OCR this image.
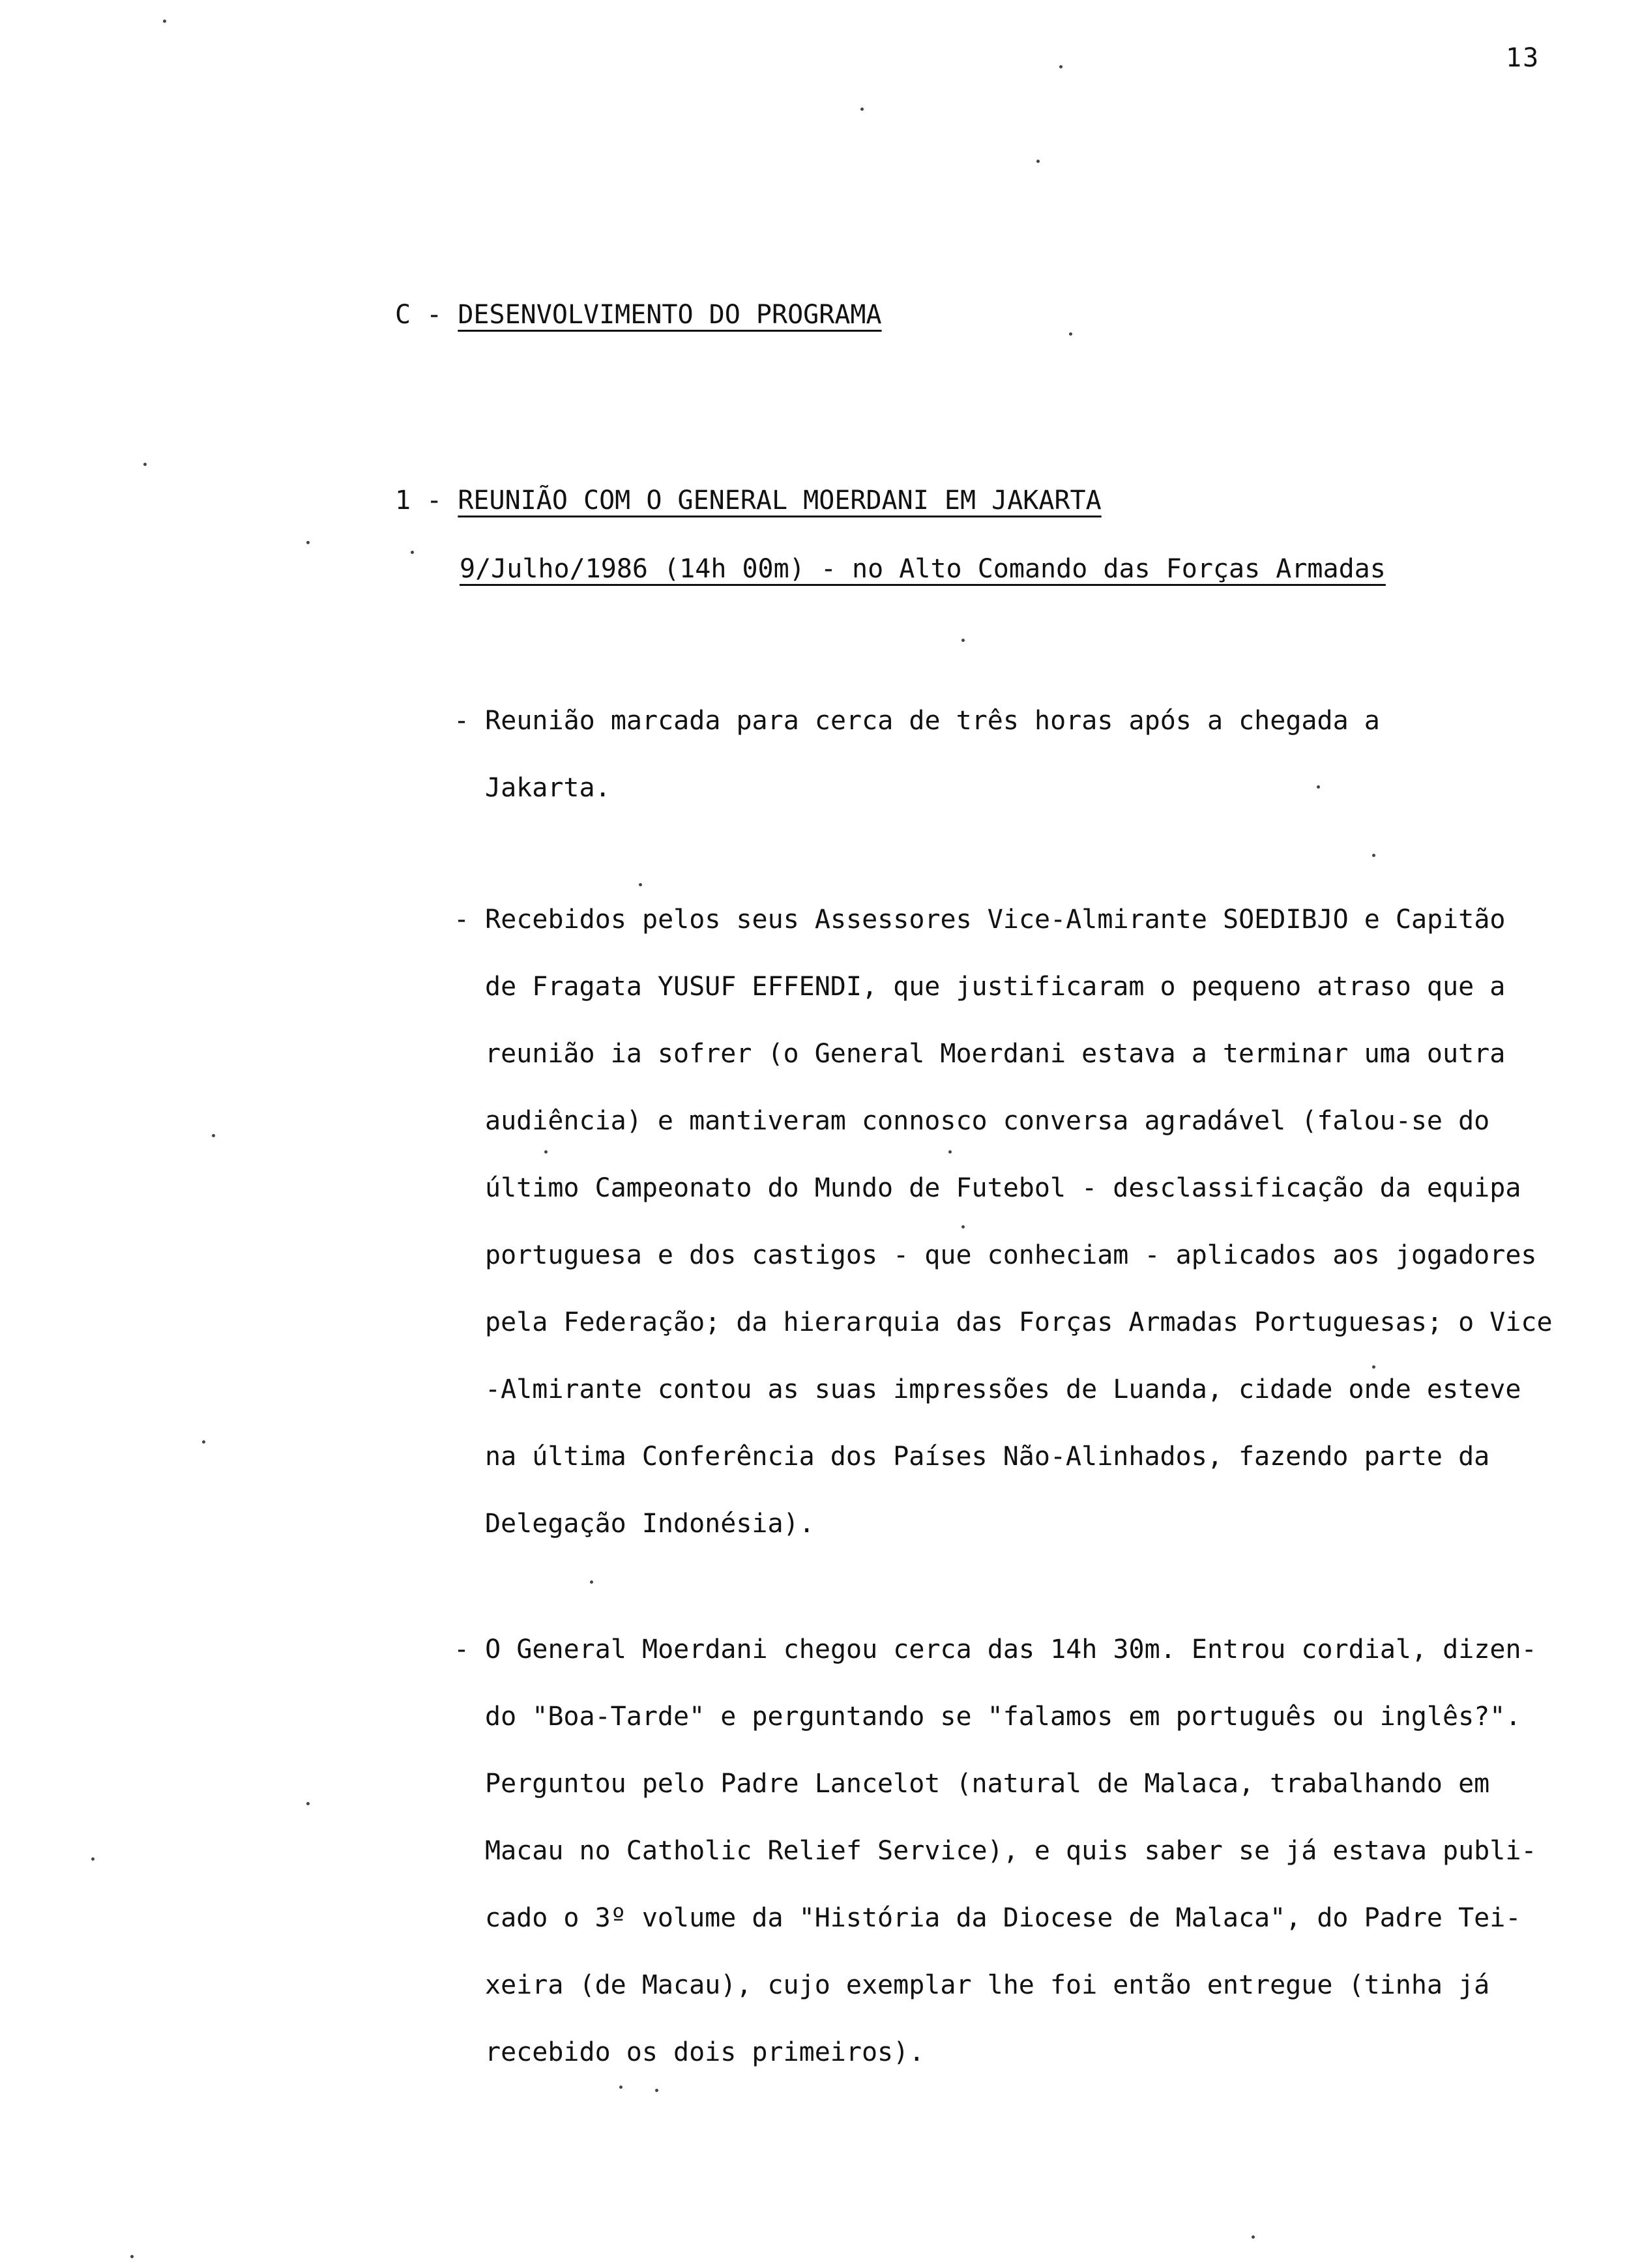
13
C - DESENVOLVIMENTO DO PROGRAMA
1 - REUNIÃO COM O GENERAL MOERDANI EM JAKARTA
9/Julho/1986 (14h 00m) - no Alto Comando das Forças Armadas
- Reunião marcada para cerca de três horas após a chegada a
Jakarta.
- Recebidos pelos seus Assessores Vice-Almirante SOEDIBJO e Capitão
de Fragata YUSUF EFFENDI, que justificaram o pequeno atraso que a
reunião ia sofrer (o General Moerdani estava a terminar uma outra
audiência) e mantiveram connosco conversa agradável (falou-se do
último Campeonato do Mundo de Futebol - desclassificação da equipa
portuguesa e dos castigos - que conheciam - aplicados aos jogadores
pela Federação; da hierarquia das Forças Armadas Portuguesas; o Vice
-Almirante contou as suas impressões de Luanda, cidade onde esteve
na última Conferência dos Países Não-Alinhados, fazendo parte da
Delegação Indonésia).
- O General Moerdani chegou cerca das 14h 30m. Entrou cordial, dizen-
do "Boa-Tarde" e perguntando se "falamos em português ou inglês?".
Perguntou pelo Padre Lancelot (natural de Malaca, trabalhando em
Macau no Catholic Relief Service), e quis saber se já estava publi-
cado o 3º volume da "História da Diocese de Malaca", do Padre Tei-
xeira (de Macau), cujo exemplar lhe foi então entregue (tinha já
recebido os dois primeiros).
